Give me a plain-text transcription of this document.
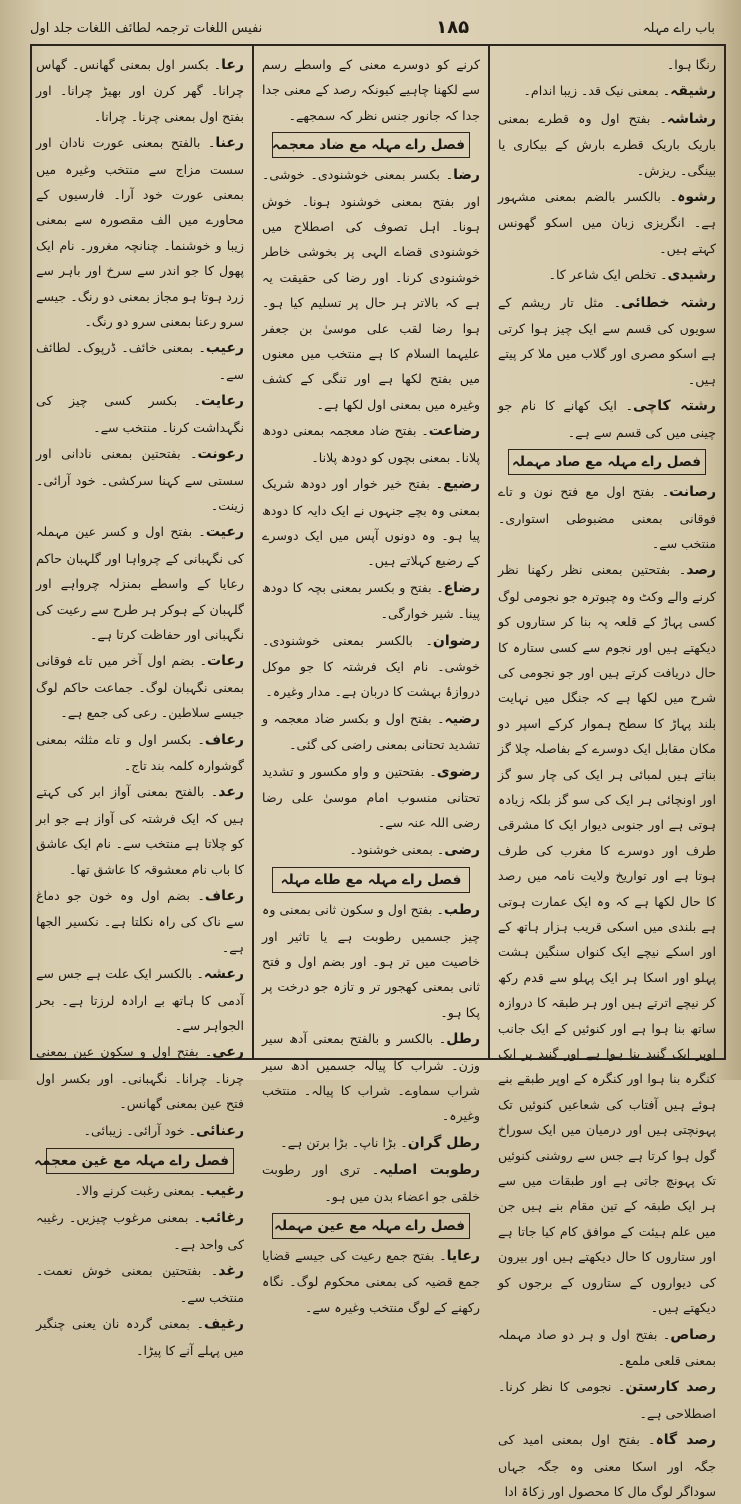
باب راے مہلہ
۱۸۵
نفیس اللغات ترجمہ لطائف اللغات جلد اول
رنگا ہوا۔
رشیقہ۔ بمعنی نیک قد۔ زیبا اندام۔
رشاشہ۔ بفتح اول وہ قطرے بمعنی باریک باریک قطرے بارش کے بیکاری یا بینگی۔ ریزش۔
رشوہ۔ بالکسر بالضم بمعنی مشہور ہے۔ انگریزی زبان میں اسکو گھونس کہتے ہیں۔
رشیدی۔ تخلص ایک شاعر کا۔
رشتہ خطائی۔ مثل تار ریشم کے سویوں کی قسم سے ایک چیز ہوا کرتی ہے اسکو مصری اور گلاب میں ملا کر پیتے ہیں۔
رشتہ کاچی۔ ایک کھانے کا نام جو چینی میں کی قسم سے ہے۔
فصل راے مہلہ مع صاد مہملہ
رصانت۔ بفتح اول مع فتح نون و تاے فوقانی بمعنی مضبوطی استواری۔ منتخب سے۔
رصد۔ بفتحتین بمعنی نظر رکھنا نظر کرنے والے وکٹ وہ چبوترہ جو نجومی لوگ کسی پہاڑ کے قلعہ پہ بنا کر ستاروں کو دیکھتے ہیں اور نجوم سے کسی ستارہ کا حال دریافت کرتے ہیں اور جو نجومی کی شرح میں لکھا ہے کہ جنگل میں نہایت بلند پہاڑ کا سطح ہموار کرکے اسپر دو مکان مقابل ایک دوسرے کے بفاصلہ چلا گز بناتے ہیں لمبائی ہر ایک کی چار سو گز اور اونچائی ہر ایک کی سو گز بلکہ زیادہ ہوتی ہے اور جنوبی دیوار ایک کا مشرقی طرف اور دوسرے کا مغرب کی طرف ہوتا ہے اور تواریخ ولایت نامہ میں رصد کا حال لکھا ہے کہ وہ ایک عمارت ہوتی ہے بلندی میں اسکی قریب ہزار ہاتھ کے اور اسکے نیچے ایک کنواں سنگین ہشت پہلو اور اسکا ہر ایک پہلو سے قدم رکھ کر نیچے اترتے ہیں اور ہر طبقہ کا دروازہ ساتھ بنا ہوا ہے اور کنوئیں کے ایک جانب اوپر ایک گنبد بنا ہوا ہے اور گنبد پر ایک کنگرہ بنا ہوا اور کنگرہ کے اوپر طبقے بنے ہوئے ہیں آفتاب کی شعاعیں کنوئیں تک پہونچتی ہیں اور درمیان میں ایک سوراخ گول ہوا کرتا ہے جس سے روشنی کنوئیں تک پہونچ جاتی ہے اور طبقات میں سے ہر ایک طبقہ کے تین مقام بنے ہیں جن میں علم ہیئت کے موافق کام کیا جاتا ہے اور ستاروں کا حال دیکھتے ہیں اور بیرون کی دیواروں کے ستاروں کے برجوں کو دیکھتے ہیں۔
رصاص۔ بفتح اول و ہر دو صاد مہملہ بمعنی قلعی ملمع۔
رصد کارستن۔ نجومی کا نظر کرنا۔ اصطلاحی ہے۔
رصد گاہ۔ بفتح اول بمعنی امید کی جگہ اور اسکا معنی وہ جگہ جہاں سوداگر لوگ مال کا محصول اور زکاۃ ادا
کرنے کو دوسرے معنی کے واسطے رسم سے لکھنا چاہیے کیونکہ رصد کے معنی جدا جدا کہ جانور جنس نظر کہ سمجھے۔
فصل راے مہلہ مع ضاد معجمہ
رضا۔ بکسر بمعنی خوشنودی۔ خوشی۔ اور بفتح بمعنی خوشنود ہونا۔ خوش ہونا۔ اہل تصوف کی اصطلاح میں خوشنودی قضاے الہی پر بخوشی خاطر خوشنودی کرنا۔ اور رضا کی حقیقت یہ ہے کہ بالاتر ہر حال پر تسلیم کیا ہو۔ ہوا رضا لقب علی موسیٰ بن جعفر علیہما السلام کا ہے منتخب میں معنوں میں بفتح لکھا ہے اور تنگی کے کشف وغیرہ میں بمعنی اول لکھا ہے۔
رضاعت۔ بفتح ضاد معجمہ بمعنی دودھ پلانا۔ بمعنی بچوں کو دودھ پلانا۔
رضیع۔ بفتح خیر خوار اور دودھ شریک بمعنی وہ بچے جنہوں نے ایک دایہ کا دودھ پیا ہو۔ وہ دونوں آپس میں ایک دوسرے کے رضیع کہلاتے ہیں۔
رضاع۔ بفتح و بکسر بمعنی بچہ کا دودھ پینا۔ شیر خوارگی۔
رضوان۔ بالکسر بمعنی خوشنودی۔ خوشی۔ نام ایک فرشتہ کا جو موکل دروازۂ بہشت کا دربان ہے۔ مدار وغیرہ۔
رضیہ۔ بفتح اول و بکسر ضاد معجمہ و تشدید تحتانی بمعنی راضی کی گئی۔
رضوی۔ بفتحتین و واو مکسور و تشدید تحتانی منسوب امام موسیٰ علی رضا رضی اللہ عنہ سے۔
رضی۔ بمعنی خوشنود۔
فصل راے مہلہ مع طاے مہلہ
رطب۔ بفتح اول و سکون ثانی بمعنی وہ چیز جسمیں رطوبت ہے یا تاثیر اور خاصیت میں تر ہو۔ اور بضم اول و فتح ثانی بمعنی کھجور تر و تازہ جو درخت پر پکا ہو۔
رطل۔ بالکسر و بالفتح بمعنی آدھ سیر وزن۔ شراب کا پیالہ جسمیں آدھ سیر شراب سماوے۔ شراب کا پیالہ۔ منتخب وغیرہ۔
رطل گران۔ بڑا ناپ۔ بڑا برتن ہے۔
رطوبت اصلیہ۔ تری اور رطوبت خلقی جو اعضاء بدن میں ہو۔
فصل راے مہلہ مع عین مہملہ
رعایا۔ بفتح جمع رعیت کی جیسے قضایا جمع قضیہ کی بمعنی محکوم لوگ۔ نگاہ رکھنے کے لوگ منتخب وغیرہ سے۔
رعا۔ بکسر اول بمعنی گھانس۔ گھاس چرانا۔ گھر کرن اور بھیڑ چرانا۔ اور بفتح اول بمعنی چرنا۔ چرانا۔
رعنا۔ بالفتح بمعنی عورت نادان اور سست مزاج سے منتخب وغیرہ میں بمعنی عورت خود آرا۔ فارسیوں کے محاورے میں الف مقصورہ سے بمعنی زیبا و خوشنما۔ چنانچہ مغرور۔ نام ایک پھول کا جو اندر سے سرخ اور باہر سے زرد ہوتا ہو مجاز بمعنی دو رنگ۔ جیسے سرو رعنا بمعنی سرو دو رنگ۔
رعیب۔ بمعنی خائف۔ ڈرپوک۔ لطائف سے۔
رعایت۔ بکسر کسی چیز کی نگہداشت کرنا۔ منتخب سے۔
رعونت۔ بفتحتین بمعنی نادانی اور سستی سے کہنا سرکشی۔ خود آرائی۔ زینت۔
رعیت۔ بفتح اول و کسر عین مہملہ کی نگہبانی کے چرواہا اور گلہبان حاکم رعایا کے واسطے بمنزلہ چرواہے اور گلہبان کے ہوکر ہر طرح سے رعیت کی نگہبانی اور حفاظت کرتا ہے۔
رعات۔ بضم اول آخر میں تاے فوقانی بمعنی نگہبان لوگ۔ جماعت حاکم لوگ جیسے سلاطین۔ رعی کی جمع ہے۔
رعاف۔ بکسر اول و تاے مثلثہ بمعنی گوشوارہ کلمہ بند تاج۔
رعد۔ بالفتح بمعنی آواز ابر کی کہتے ہیں کہ ایک فرشتہ کی آواز ہے جو ابر کو چلاتا ہے منتخب سے۔ نام ایک عاشق کا باب نام معشوقہ کا عاشق تھا۔
رعاف۔ بضم اول وہ خون جو دماغ سے ناک کی راہ نکلتا ہے۔ نکسیر الجھا ہے۔
رعشہ۔ بالکسر ایک علت ہے جس سے آدمی کا ہاتھ بے ارادہ لرزتا ہے۔ بحر الجواہر سے۔
رعی۔ بفتح اول و سکون عین بمعنی چرنا۔ چرانا۔ نگہبانی۔ اور بکسر اول فتح عین بمعنی گھانس۔
رعنائی۔ خود آرائی۔ زیبائی۔
فصل راے مہلہ مع غین معجمہ
رغیب۔ بمعنی رغبت کرنے والا۔
رغائب۔ بمعنی مرغوب چیزیں۔ رغیبہ کی واحد ہے۔
رغد۔ بفتحتین بمعنی خوش نعمت۔ منتخب سے۔
رغیف۔ بمعنی گردہ نان یعنی چنگیر میں پہلے آنے کا پیڑا۔
